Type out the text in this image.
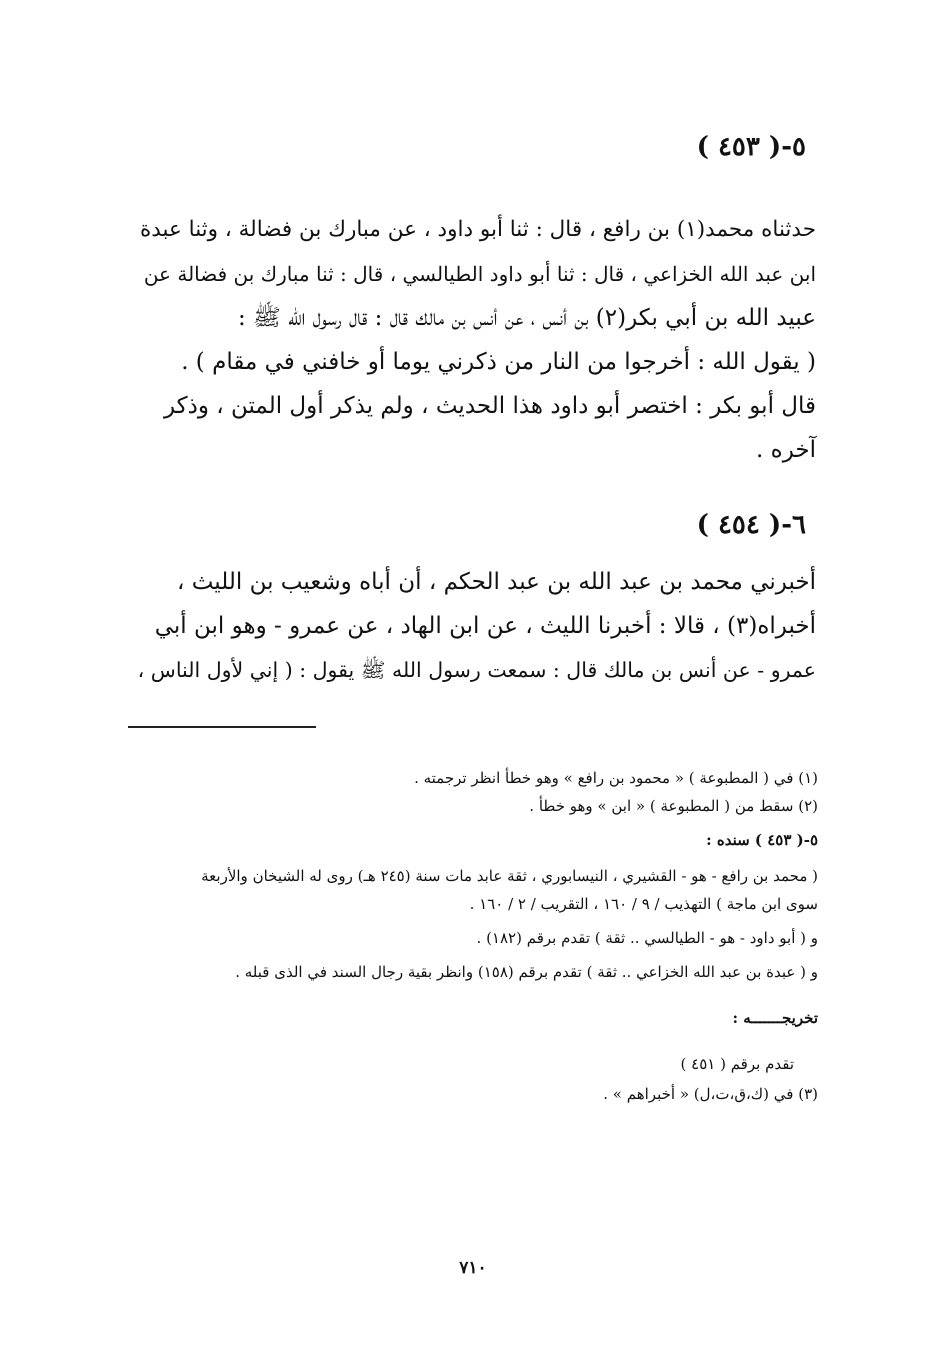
٥-( ٤٥٣ )
حدثناه محمد(١) بن رافع ، قال : ثنا أبو داود ، عن مبارك بن فضالة ، وثنا عبدة
ابن عبد الله الخزاعي ، قال : ثنا أبو داود الطيالسي ، قال : ثنا مبارك بن فضالة عن
عبيد الله بن أبي بكر(٢) بن أنس ، عن أنس بن مالك قال : قال رسول الله ﷺ :
( يقول الله : أخرجوا من النار من ذكرني يوما أو خافني في مقام ) .
قال أبو بكر : اختصر أبو داود هذا الحديث ، ولم يذكر أول المتن ، وذكر
آخره .
٦-( ٤٥٤ )
أخبرني محمد بن عبد الله بن عبد الحكم ، أن أباه وشعيب بن الليث ،
أخبراه(٣) ، قالا : أخبرنا الليث ، عن ابن الهاد ، عن عمرو - وهو ابن أبي
عمرو - عن أنس بن مالك قال : سمعت رسول الله ﷺ يقول : ( إني لأول الناس ،
(١) في ( المطبوعة ) « محمود بن رافع » وهو خطأ انظر ترجمته .
(٢) سقط من ( المطبوعة ) « ابن » وهو خطأ .
٥-( ٤٥٣ ) سنده :
( محمد بن رافع - هو - القشيري ، النيسابوري ، ثقة عابد مات سنة (٢٤٥ هـ) روى له الشيخان والأربعة
سوى ابن ماجة ) التهذيب / ٩ / ١٦٠ ، التقريب / ٢ / ١٦٠ .
و ( أبو داود - هو - الطيالسي .. ثقة ) تقدم برقم (١٨٢) .
و ( عبدة بن عبد الله الخزاعي .. ثقة ) تقدم برقم (١٥٨) وانظر بقية رجال السند في الذى قبله .
تخريجـــــــه :
تقدم برقم ( ٤٥١ )
(٣) في (ك،ق،ت،ل) « أخبراهم » .
٧١٠
